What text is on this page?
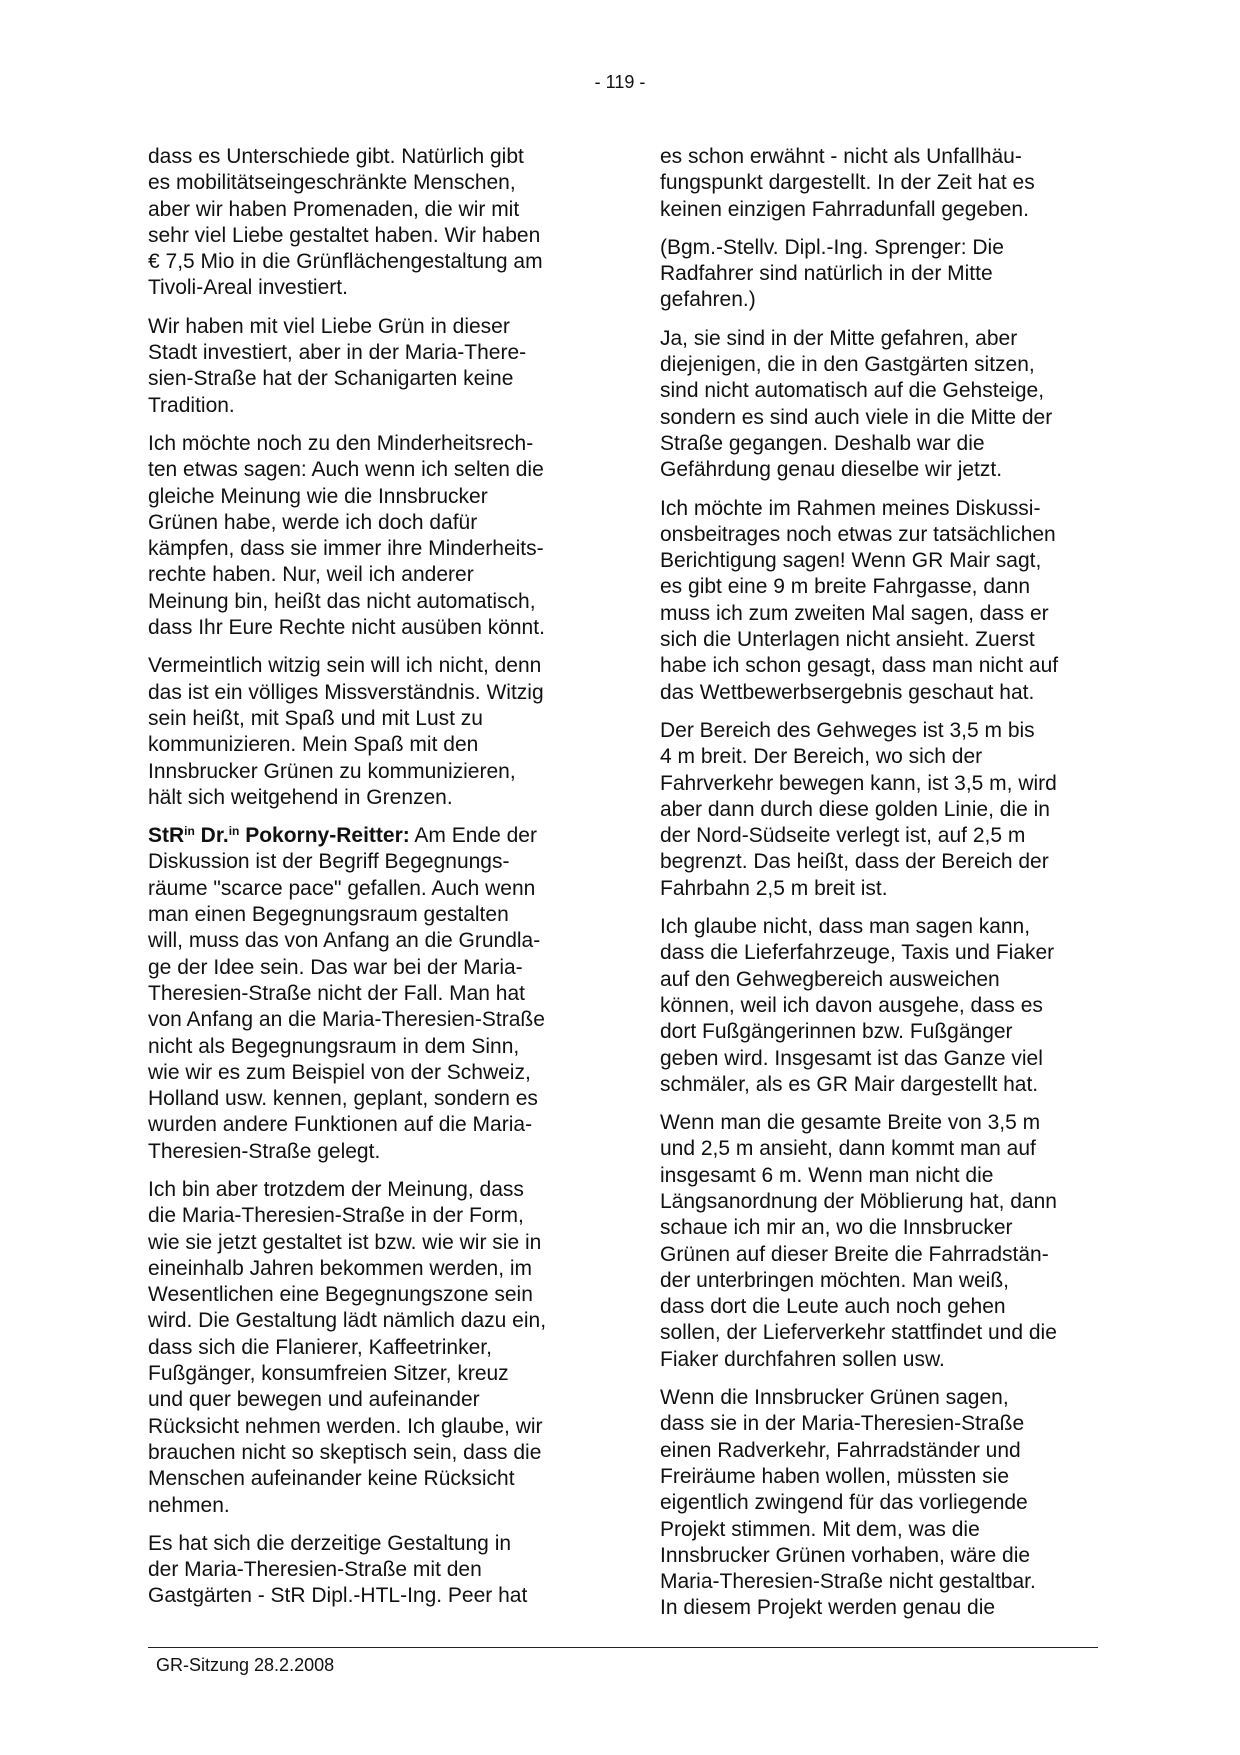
- 119 -

dass es Unterschiede gibt. Natürlich gibt
es mobilitätseingeschränkte Menschen,
aber wir haben Promenaden, die wir mit
sehr viel Liebe gestaltet haben. Wir haben
€ 7,5 Mio in die Grünflächengestaltung am
Tivoli-Areal investiert.

Wir haben mit viel Liebe Grün in dieser
Stadt investiert, aber in der Maria-There-
sien-Straße hat der Schanigarten keine
Tradition.

Ich möchte noch zu den Minderheitsrech-
ten etwas sagen: Auch wenn ich selten die
gleiche Meinung wie die Innsbrucker
Grünen habe, werde ich doch dafür
kämpfen, dass sie immer ihre Minderheits-
rechte haben. Nur, weil ich anderer
Meinung bin, heißt das nicht automatisch,
dass Ihr Eure Rechte nicht ausüben könnt.

Vermeintlich witzig sein will ich nicht, denn
das ist ein völliges Missverständnis. Witzig
sein heißt, mit Spaß und mit Lust zu
kommunizieren. Mein Spaß mit den
Innsbrucker Grünen zu kommunizieren,
hält sich weitgehend in Grenzen.

StR$^{in}$ Dr.$^{in}$ Pokorny-Reitter: Am Ende der
Diskussion ist der Begriff Begegnungs-
räume "scarce pace" gefallen. Auch wenn
man einen Begegnungsraum gestalten
will, muss das von Anfang an die Grundla-
ge der Idee sein. Das war bei der Maria-
Theresien-Straße nicht der Fall. Man hat
von Anfang an die Maria-Theresien-Straße
nicht als Begegnungsraum in dem Sinn,
wie wir es zum Beispiel von der Schweiz,
Holland usw. kennen, geplant, sondern es
wurden andere Funktionen auf die Maria-
Theresien-Straße gelegt.

Ich bin aber trotzdem der Meinung, dass
die Maria-Theresien-Straße in der Form,
wie sie jetzt gestaltet ist bzw. wie wir sie in
eineinhalb Jahren bekommen werden, im
Wesentlichen eine Begegnungszone sein
wird. Die Gestaltung lädt nämlich dazu ein,
dass sich die Flanierer, Kaffeetrinker,
Fußgänger, konsumfreien Sitzer, kreuz
und quer bewegen und aufeinander
Rücksicht nehmen werden. Ich glaube, wir
brauchen nicht so skeptisch sein, dass die
Menschen aufeinander keine Rücksicht
nehmen.

Es hat sich die derzeitige Gestaltung in
der Maria-Theresien-Straße mit den
Gastgärten - StR Dipl.-HTL-Ing. Peer hat

es schon erwähnt - nicht als Unfallhäu-
fungspunkt dargestellt. In der Zeit hat es
keinen einzigen Fahrradunfall gegeben.

(Bgm.-Stellv. Dipl.-Ing. Sprenger: Die
Radfahrer sind natürlich in der Mitte
gefahren.)

Ja, sie sind in der Mitte gefahren, aber
diejenigen, die in den Gastgärten sitzen,
sind nicht automatisch auf die Gehsteige,
sondern es sind auch viele in die Mitte der
Straße gegangen. Deshalb war die
Gefährdung genau dieselbe wir jetzt.

Ich möchte im Rahmen meines Diskussi-
onsbeitrages noch etwas zur tatsächlichen
Berichtigung sagen! Wenn GR Mair sagt,
es gibt eine 9 m breite Fahrgasse, dann
muss ich zum zweiten Mal sagen, dass er
sich die Unterlagen nicht ansieht. Zuerst
habe ich schon gesagt, dass man nicht auf
das Wettbewerbsergebnis geschaut hat.

Der Bereich des Gehweges ist 3,5 m bis
4 m breit. Der Bereich, wo sich der
Fahrverkehr bewegen kann, ist 3,5 m, wird
aber dann durch diese golden Linie, die in
der Nord-Südseite verlegt ist, auf 2,5 m
begrenzt. Das heißt, dass der Bereich der
Fahrbahn 2,5 m breit ist.

Ich glaube nicht, dass man sagen kann,
dass die Lieferfahrzeuge, Taxis und Fiaker
auf den Gehwegbereich ausweichen
können, weil ich davon ausgehe, dass es
dort Fußgängerinnen bzw. Fußgänger
geben wird. Insgesamt ist das Ganze viel
schmäler, als es GR Mair dargestellt hat.

Wenn man die gesamte Breite von 3,5 m
und 2,5 m ansieht, dann kommt man auf
insgesamt 6 m. Wenn man nicht die
Längsanordnung der Möblierung hat, dann
schaue ich mir an, wo die Innsbrucker
Grünen auf dieser Breite die Fahrradstän-
der unterbringen möchten. Man weiß,
dass dort die Leute auch noch gehen
sollen, der Lieferverkehr stattfindet und die
Fiaker durchfahren sollen usw.

Wenn die Innsbrucker Grünen sagen,
dass sie in der Maria-Theresien-Straße
einen Radverkehr, Fahrradständer und
Freiräume haben wollen, müssten sie
eigentlich zwingend für das vorliegende
Projekt stimmen. Mit dem, was die
Innsbrucker Grünen vorhaben, wäre die
Maria-Theresien-Straße nicht gestaltbar.
In diesem Projekt werden genau die

GR-Sitzung 28.2.2008
